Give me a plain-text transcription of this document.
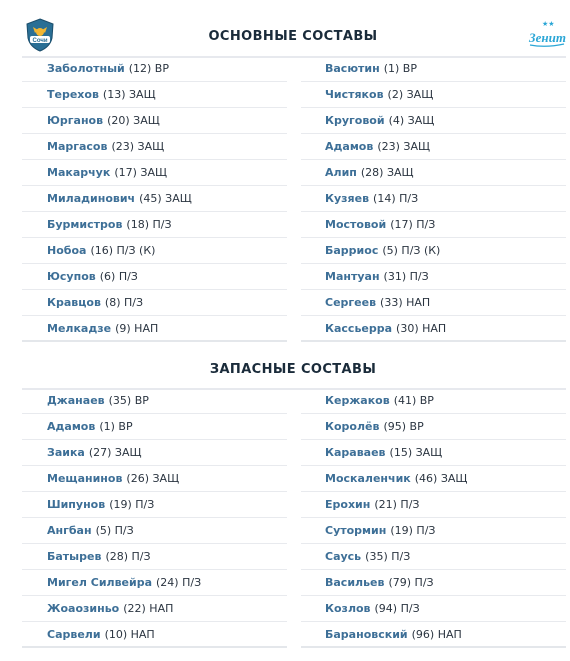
Сочи
★★
Зенит
ОСНОВНЫЕ СОСТАВЫ
Заболотный (12) ВР
Терехов (13) ЗАЩ
Юрганов (20) ЗАЩ
Маргасов (23) ЗАЩ
Макарчук (17) ЗАЩ
Миладинович (45) ЗАЩ
Бурмистров (18) П/З
Нобоа (16) П/З (К)
Юсупов (6) П/З
Кравцов (8) П/З
Мелкадзе (9) НАП
Васютин (1) ВР
Чистяков (2) ЗАЩ
Круговой (4) ЗАЩ
Адамов (23) ЗАЩ
Алип (28) ЗАЩ
Кузяев (14) П/З
Мостовой (17) П/З
Барриос (5) П/З (К)
Мантуан (31) П/З
Сергеев (33) НАП
Кассьерра (30) НАП
ЗАПАСНЫЕ СОСТАВЫ
Джанаев (35) ВР
Адамов (1) ВР
Заика (27) ЗАЩ
Мещанинов (26) ЗАЩ
Шипунов (19) П/З
Ангбан (5) П/З
Батырев (28) П/З
Мигел Силвейра (24) П/З
Жоаозиньо (22) НАП
Сарвели (10) НАП
Кержаков (41) ВР
Королёв (95) ВР
Караваев (15) ЗАЩ
Москаленчик (46) ЗАЩ
Ерохин (21) П/З
Сутормин (19) П/З
Саусь (35) П/З
Васильев (79) П/З
Козлов (94) П/З
Барановский (96) НАП
